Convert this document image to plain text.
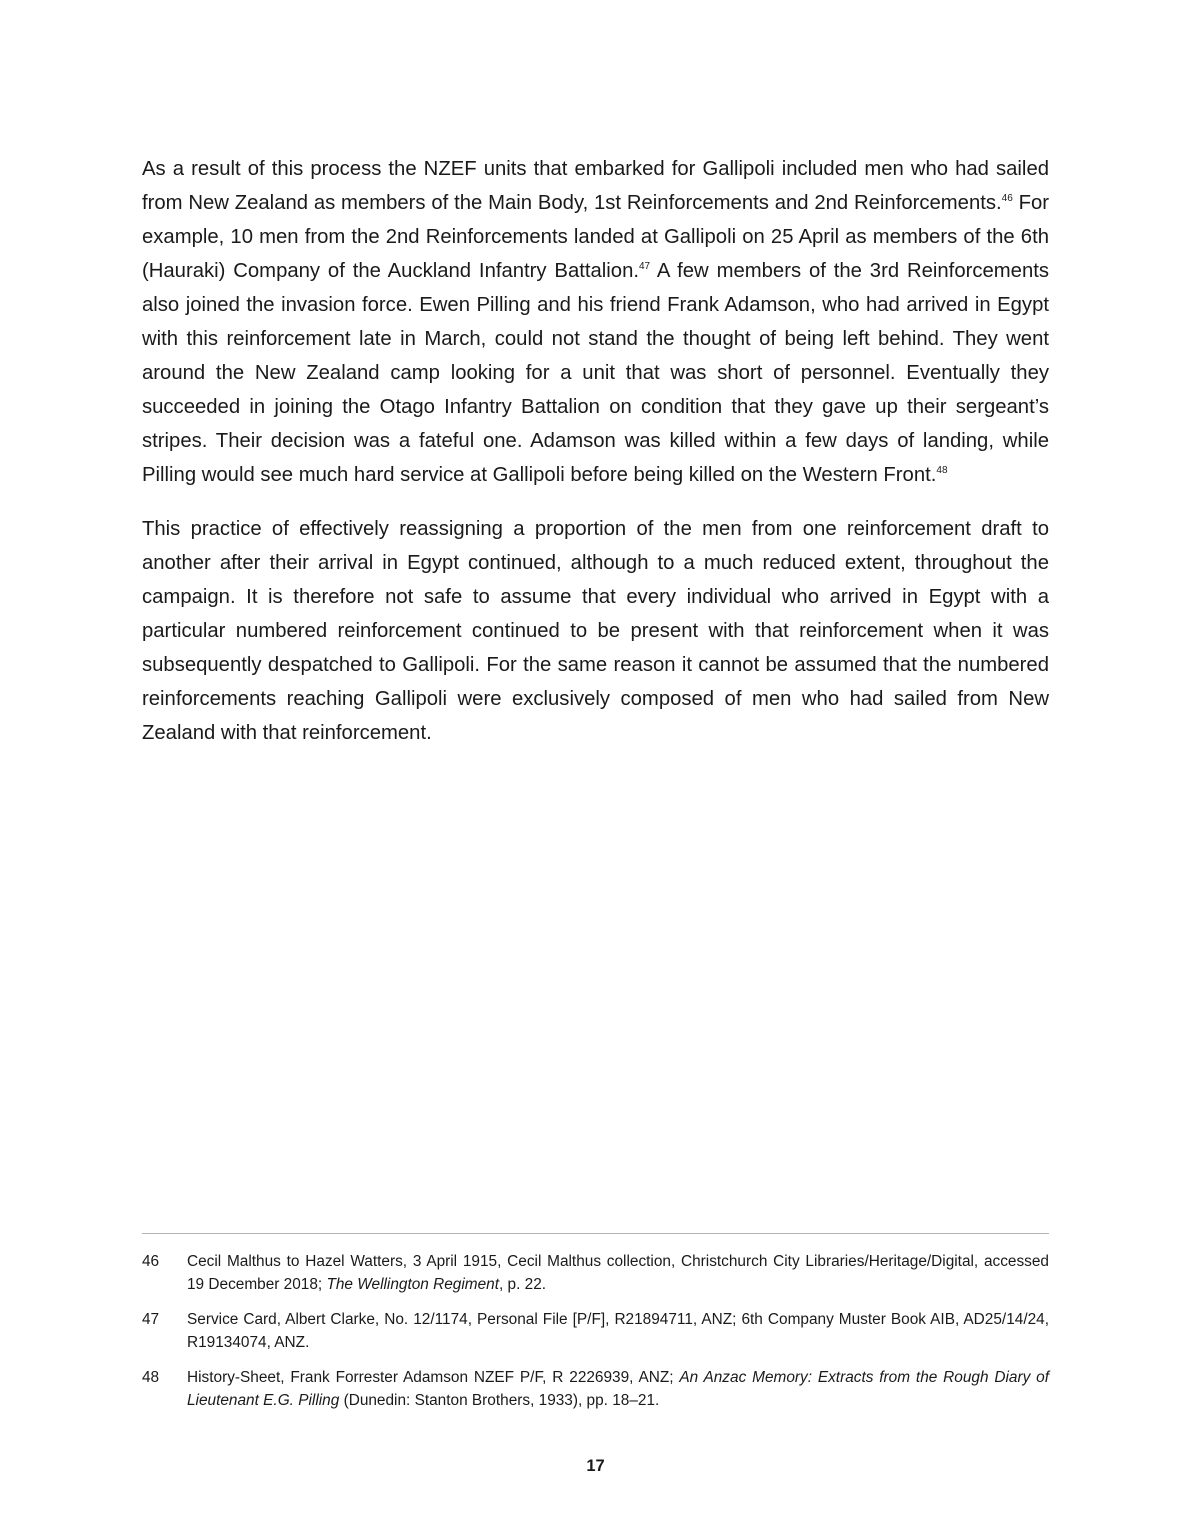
As a result of this process the NZEF units that embarked for Gallipoli included men who had sailed from New Zealand as members of the Main Body, 1st Reinforcements and 2nd Reinforcements.$^{46}$ For example, 10 men from the 2nd Reinforcements landed at Gallipoli on 25 April as members of the 6th (Hauraki) Company of the Auckland Infantry Battalion.$^{47}$ A few members of the 3rd Reinforcements also joined the invasion force. Ewen Pilling and his friend Frank Adamson, who had arrived in Egypt with this reinforcement late in March, could not stand the thought of being left behind. They went around the New Zealand camp looking for a unit that was short of personnel. Eventually they succeeded in joining the Otago Infantry Battalion on condition that they gave up their sergeant’s stripes. Their decision was a fateful one. Adamson was killed within a few days of landing, while Pilling would see much hard service at Gallipoli before being killed on the Western Front.$^{48}$

This practice of effectively reassigning a proportion of the men from one reinforcement draft to another after their arrival in Egypt continued, although to a much reduced extent, throughout the campaign. It is therefore not safe to assume that every individual who arrived in Egypt with a particular numbered reinforcement continued to be present with that reinforcement when it was subsequently despatched to Gallipoli. For the same reason it cannot be assumed that the numbered reinforcements reaching Gallipoli were exclusively composed of men who had sailed from New Zealand with that reinforcement.

46	Cecil Malthus to Hazel Watters, 3 April 1915, Cecil Malthus collection, Christchurch City Libraries/Heritage/Digital, accessed 19 December 2018; The Wellington Regiment, p. 22.
47	Service Card, Albert Clarke, No. 12/1174, Personal File [P/F], R21894711, ANZ; 6th Company Muster Book AIB, AD25/14/24, R19134074, ANZ.
48	History-Sheet, Frank Forrester Adamson NZEF P/F, R 2226939, ANZ; An Anzac Memory: Extracts from the Rough Diary of Lieutenant E.G. Pilling (Dunedin: Stanton Brothers, 1933), pp. 18–21.
17
